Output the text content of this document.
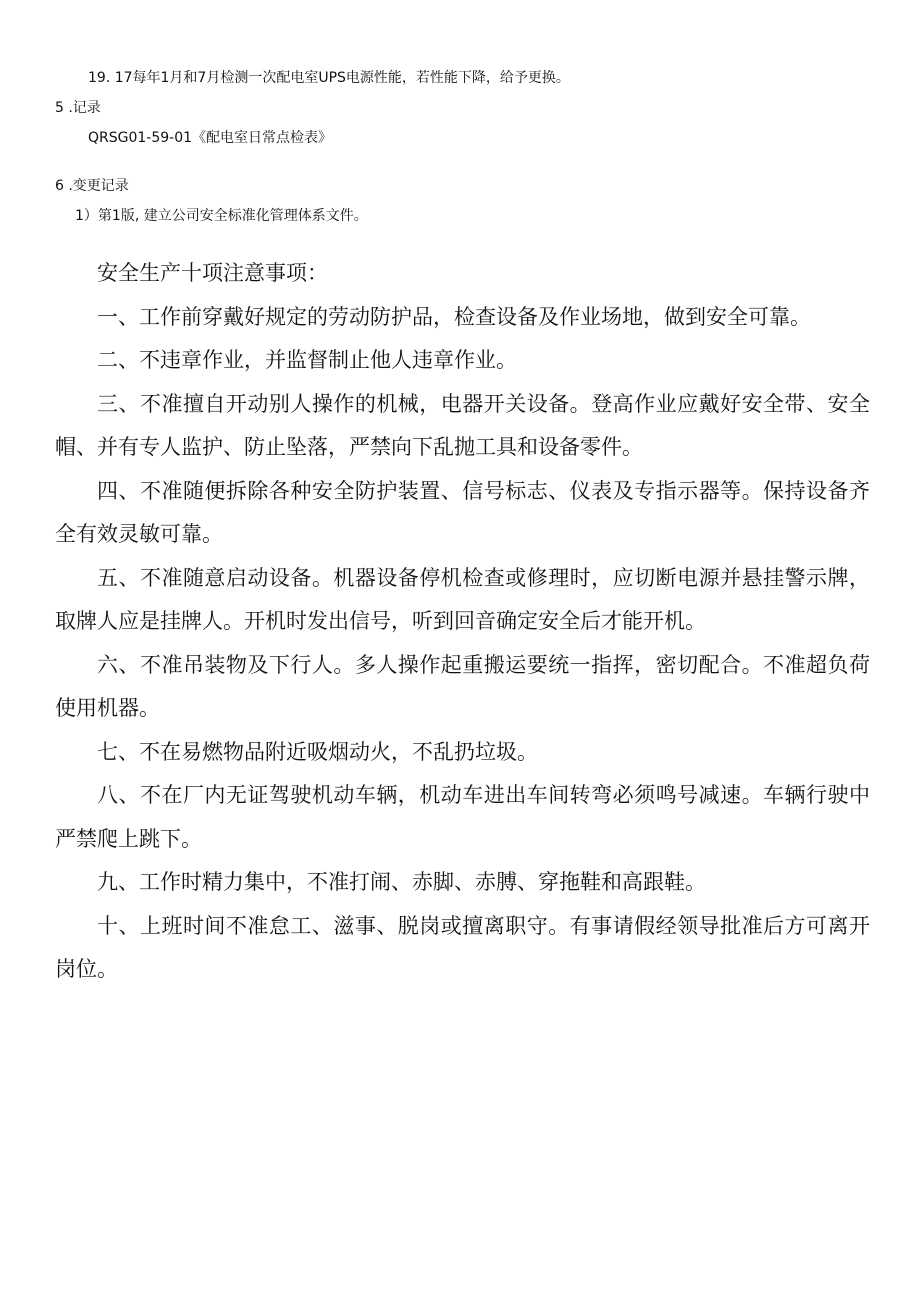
19. 17每年1月和7月检测一次配电室UPS电源性能，若性能下降，给予更换。

5 .记录

QRSG01-59-01《配电室日常点检表》

6 .变更记录

1）第1版, 建立公司安全标准化管理体系文件。

安全生产十项注意事项：

一、工作前穿戴好规定的劳动防护品，检查设备及作业场地，做到安全可靠。

二、不违章作业，并监督制止他人违章作业。

三、不准擅自开动别人操作的机械，电器开关设备。登高作业应戴好安全带、安全帽、并有专人监护、防止坠落，严禁向下乱抛工具和设备零件。

四、不准随便拆除各种安全防护装置、信号标志、仪表及专指示器等。保持设备齐全有效灵敏可靠。

五、不准随意启动设备。机器设备停机检查或修理时，应切断电源并悬挂警示牌，取牌人应是挂牌人。开机时发出信号，听到回音确定安全后才能开机。

六、不准吊装物及下行人。多人操作起重搬运要统一指挥，密切配合。不准超负荷使用机器。

七、不在易燃物品附近吸烟动火，不乱扔垃圾。

八、不在厂内无证驾驶机动车辆，机动车进出车间转弯必须鸣号减速。车辆行驶中严禁爬上跳下。

九、工作时精力集中，不准打闹、赤脚、赤膊、穿拖鞋和高跟鞋。

十、上班时间不准怠工、滋事、脱岗或擅离职守。有事请假经领导批准后方可离开岗位。
